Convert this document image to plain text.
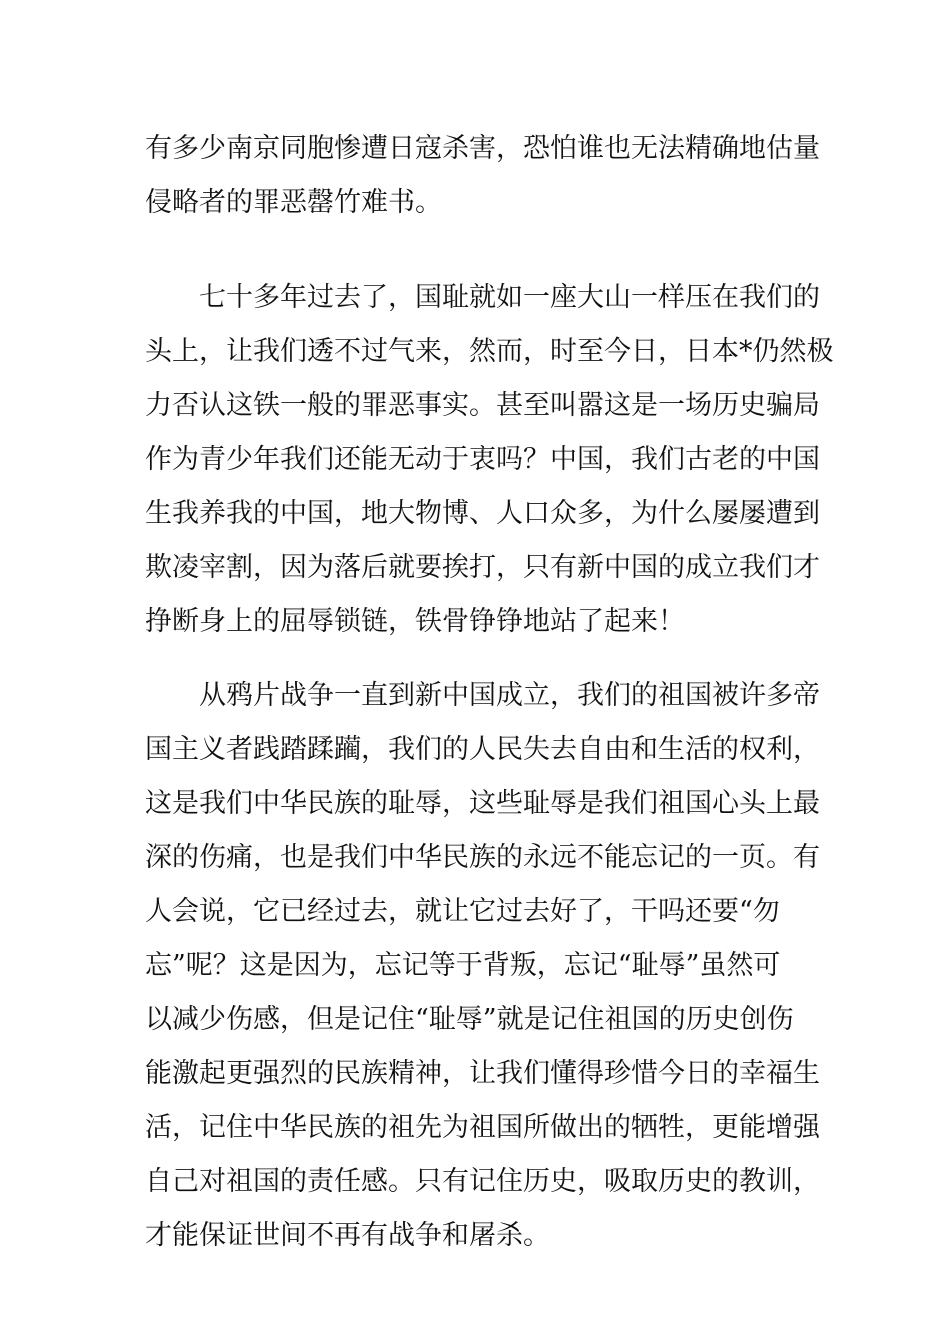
有多少南京同胞惨遭日寇杀害，恐怕谁也无法精确地估量
侵略者的罪恶罄竹难书。
七十多年过去了，国耻就如一座大山一样压在我们的
头上，让我们透不过气来，然而，时至今日，日本*仍然极
力否认这铁一般的罪恶事实。甚至叫嚣这是一场历史骗局
作为青少年我们还能无动于衷吗？中国，我们古老的中国
生我养我的中国，地大物博、人口众多，为什么屡屡遭到
欺凌宰割，因为落后就要挨打，只有新中国的成立我们才
挣断身上的屈辱锁链，铁骨铮铮地站了起来！
从鸦片战争一直到新中国成立，我们的祖国被许多帝
国主义者践踏蹂躏，我们的人民失去自由和生活的权利，
这是我们中华民族的耻辱，这些耻辱是我们祖国心头上最
深的伤痛，也是我们中华民族的永远不能忘记的一页。有
人会说，它已经过去，就让它过去好了，干吗还要“勿
忘”呢？这是因为，忘记等于背叛，忘记“耻辱”虽然可
以减少伤感，但是记住“耻辱”就是记住祖国的历史创伤
能激起更强烈的民族精神，让我们懂得珍惜今日的幸福生
活，记住中华民族的祖先为祖国所做出的牺牲，更能增强
自己对祖国的责任感。只有记住历史，吸取历史的教训，
才能保证世间不再有战争和屠杀。
